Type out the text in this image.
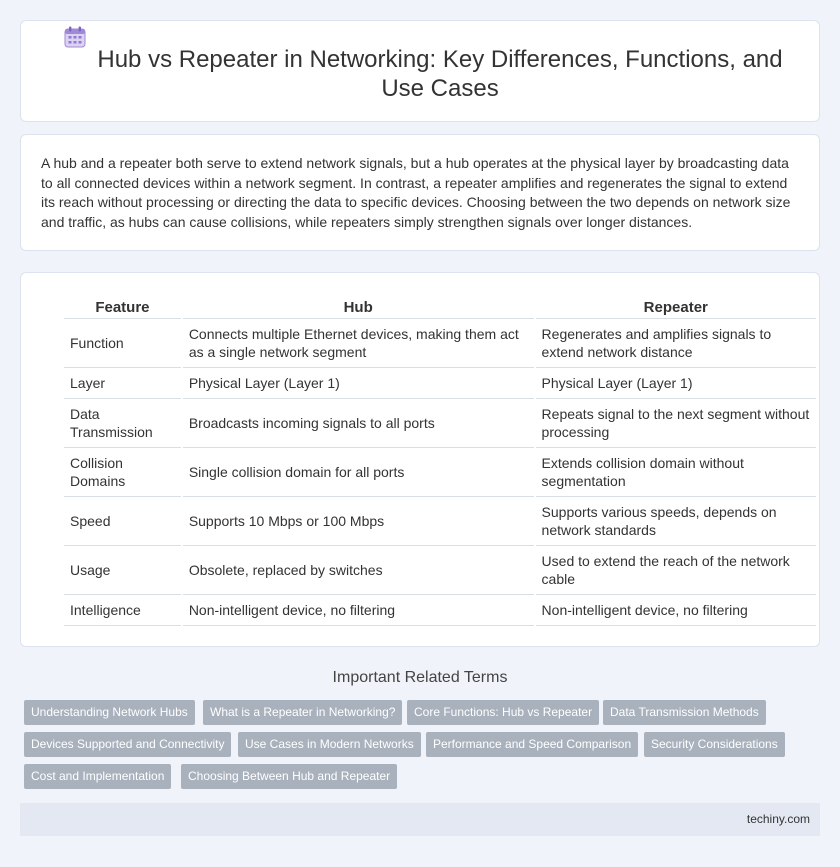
Hub vs Repeater in Networking: Key Differences, Functions, and Use Cases

A hub and a repeater both serve to extend network signals, but a hub operates at the physical layer by broadcasting data to all connected devices within a network segment. In contrast, a repeater amplifies and regenerates the signal to extend its reach without processing or directing the data to specific devices. Choosing between the two depends on network size and traffic, as hubs can cause collisions, while repeaters simply strengthen signals over longer distances.

Feature	Hub	Repeater
Function	Connects multiple Ethernet devices, making them act as a single network segment	Regenerates and amplifies signals to extend network distance
Layer	Physical Layer (Layer 1)	Physical Layer (Layer 1)
Data Transmission	Broadcasts incoming signals to all ports	Repeats signal to the next segment without processing
Collision Domains	Single collision domain for all ports	Extends collision domain without segmentation
Speed	Supports 10 Mbps or 100 Mbps	Supports various speeds, depends on network standards
Usage	Obsolete, replaced by switches	Used to extend the reach of the network cable
Intelligence	Non-intelligent device, no filtering	Non-intelligent device, no filtering
Important Related Terms
Understanding Network Hubs	What is a Repeater in Networking?	Core Functions: Hub vs Repeater	Data Transmission Methods
Devices Supported and Connectivity	Use Cases in Modern Networks	Performance and Speed Comparison	Security Considerations
Cost and Implementation	Choosing Between Hub and Repeater
techiny.com
